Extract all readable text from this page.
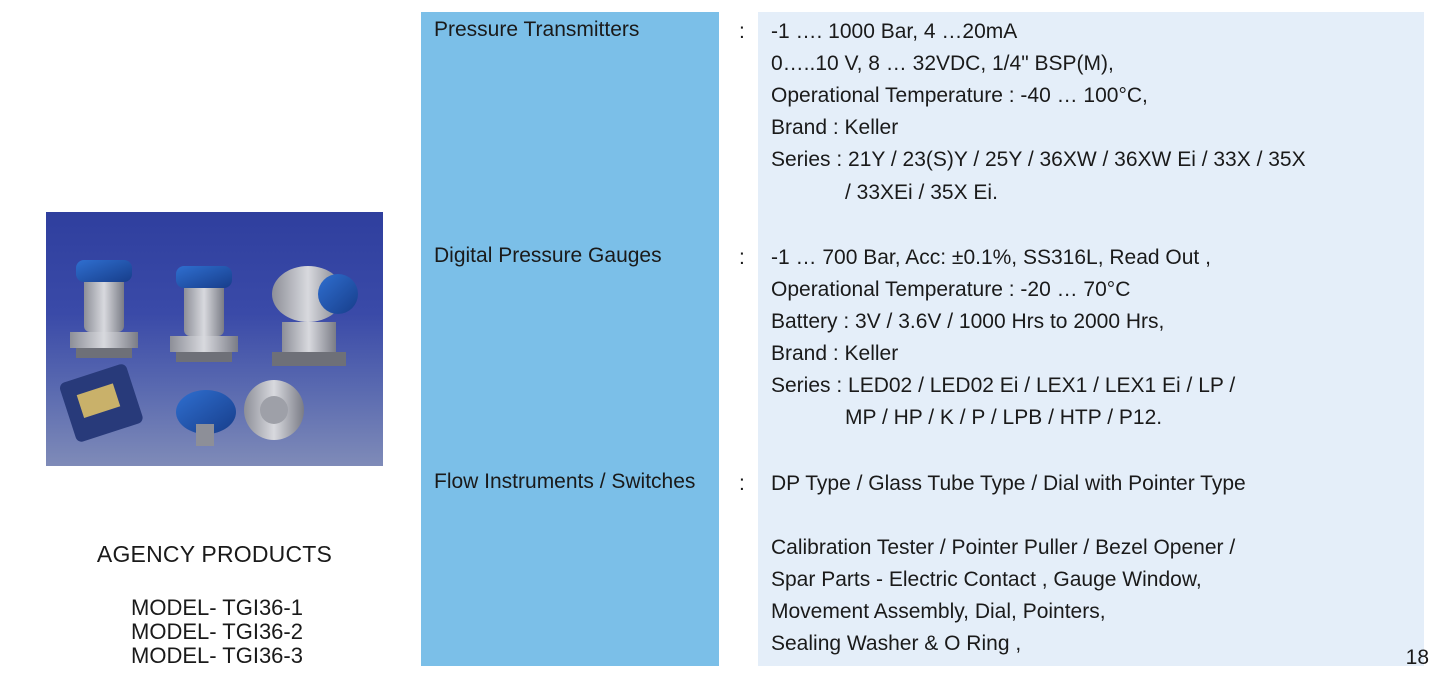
AGENCY PRODUCTS
MODEL- TGI36-1
MODEL- TGI36-2
MODEL- TGI36-3
Pressure Transmitters	: -1 …. 1000 Bar, 4 …20mA
0…..10 V, 8 … 32VDC, 1/4" BSP(M),
Operational Temperature : -40 … 100°C,
Brand : Keller
Series : 21Y / 23(S)Y / 25Y / 36XW / 36XW Ei / 33X / 35X
/ 33XEi / 35X Ei.
Digital Pressure Gauges	: -1 … 700 Bar, Acc: ±0.1%, SS316L, Read Out ,
Operational Temperature : -20 … 70°C
Battery : 3V / 3.6V / 1000 Hrs to 2000 Hrs,
Brand : Keller
Series : LED02 / LED02 Ei / LEX1 / LEX1 Ei / LP /
MP / HP / K / P / LPB / HTP / P12.
Flow Instruments / Switches : DP Type / Glass Tube Type / Dial with Pointer Type
Calibration Tester / Pointer Puller / Bezel Opener /
Spar Parts - Electric Contact , Gauge Window,
Movement Assembly, Dial, Pointers,
Sealing Washer & O Ring ,
18
